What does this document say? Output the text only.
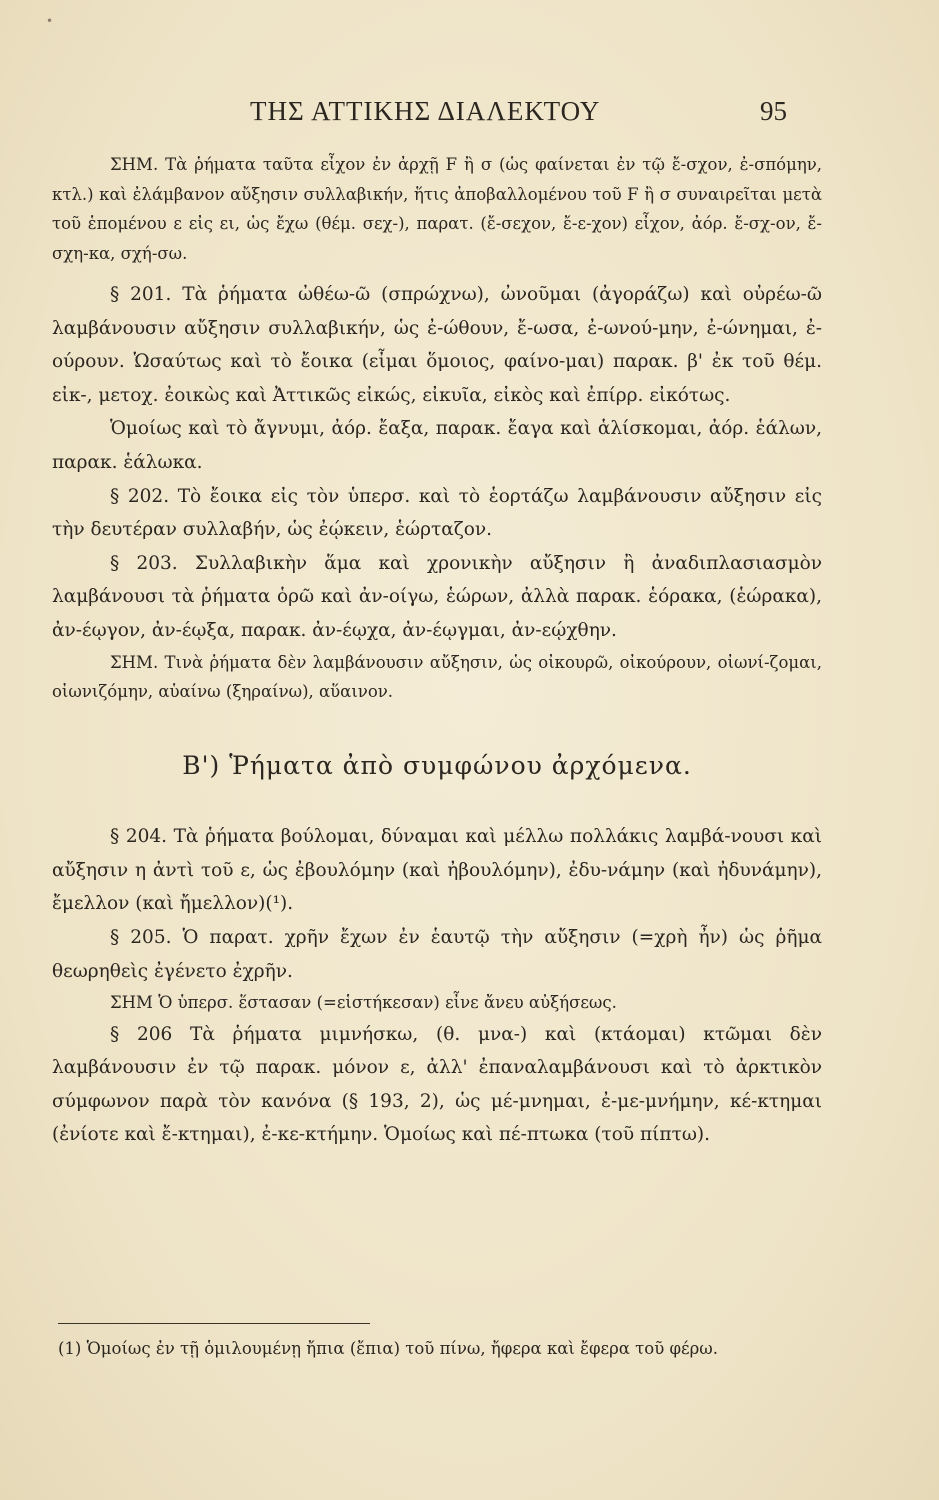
•
ΤΗΣ ΑΤΤΙΚΗΣ ΔΙΑΛΕΚΤΟΥ	95

ΣΗΜ. Τὰ ῥήματα ταῦτα εἶχον ἐν ἀρχῇ F ἢ σ (ὡς φαίνεται ἐν τῷ ἔ-σχον, ἐ-σπόμην, κτλ.) καὶ ἐλάμβανον αὔξησιν συλλαβικήν, ἥτις ἀποβαλλομένου τοῦ F ἢ σ συναιρεῖται μετὰ τοῦ ἑπομένου ε εἰς ει, ὡς ἔχω (θέμ. σεχ-), παρατ. (ἔ-σεχον, ἔ-ε-χον) εἶχον, ἀόρ. ἔ-σχ-ον, ἔ-σχη-κα, σχή-σω.

§ 201. Τὰ ῥήματα ὠθέω-ῶ (σπρώχνω), ὠνοῦμαι (ἀγοράζω) καὶ οὐρέω-ῶ λαμβάνουσιν αὔξησιν συλλαβικήν, ὡς ἐ-ώθουν, ἔ-ωσα, ἐ-ωνού-μην, ἐ-ώνημαι, ἐ-ούρουν. Ὡσαύτως καὶ τὸ ἔοικα (εἶμαι ὅμοιος, φαίνο-μαι) παρακ. β' ἐκ τοῦ θέμ. εἰκ-, μετοχ. ἐοικὼς καὶ Ἀττικῶς εἰκώς, εἰκυῖα, εἰκὸς καὶ ἐπίρρ. εἰκότως.

Ὁμοίως καὶ τὸ ἄγνυμι, ἀόρ. ἔαξα, παρακ. ἔαγα καὶ ἁλίσκομαι, ἀόρ. ἑάλων, παρακ. ἑάλωκα.

§ 202. Τὸ ἔοικα εἰς τὸν ὑπερσ. καὶ τὸ ἑορτάζω λαμβάνουσιν αὔξησιν εἰς τὴν δευτέραν συλλαβήν, ὡς ἐῴκειν, ἑώρταζον.

§ 203. Συλλαβικὴν ἅμα καὶ χρονικὴν αὔξησιν ἢ ἀναδιπλασιασμὸν λαμβάνουσι τὰ ῥήματα ὁρῶ καὶ ἀν-οίγω, ἑώρων, ἀλλὰ παρακ. ἑόρακα, (ἑώρακα), ἀν-έῳγον, ἀν-έῳξα, παρακ. ἀν-έῳχα, ἀν-έῳγμαι, ἀν-εῴχθην.

ΣΗΜ. Τινὰ ῥήματα δὲν λαμβάνουσιν αὔξησιν, ὡς οἰκουρῶ, οἰκούρουν, οἰωνί-ζομαι, οἰωνιζόμην, αὑαίνω (ξηραίνω), αὕαινον.

Β') Ῥήματα ἀπὸ συμφώνου ἀρχόμενα.

§ 204. Τὰ ῥήματα βούλομαι, δύναμαι καὶ μέλλω πολλάκις λαμβά-νουσι καὶ αὔξησιν η ἀντὶ τοῦ ε, ὡς ἐβουλόμην (καὶ ἠβουλόμην), ἐδυ-νάμην (καὶ ἠδυνάμην), ἔμελλον (καὶ ἤμελλον)(¹).

§ 205. Ὁ παρατ. χρῆν ἔχων ἐν ἑαυτῷ τὴν αὔξησιν (=χρὴ ἦν) ὡς ῥῆμα θεωρηθεὶς ἐγένετο ἐχρῆν.

ΣΗΜ Ὁ ὑπερσ. ἕστασαν (=εἱστήκεσαν) εἶνε ἄνευ αὐξήσεως.

§ 206 Τὰ ῥήματα μιμνήσκω, (θ. μνα-) καὶ (κτάομαι) κτῶμαι δὲν λαμβάνουσιν ἐν τῷ παρακ. μόνον ε, ἀλλ' ἐπαναλαμβάνουσι καὶ τὸ ἀρκτικὸν σύμφωνον παρὰ τὸν κανόνα (§ 193, 2), ὡς μέ-μνημαι, ἐ-με-μνήμην, κέ-κτημαι (ἐνίοτε καὶ ἔ-κτημαι), ἐ-κε-κτήμην. Ὁμοίως καὶ πέ-πτωκα (τοῦ πίπτω).

(1) Ὁμοίως ἐν τῇ ὁμιλουμένῃ ἤπια (ἔπια) τοῦ πίνω, ἤφερα καὶ ἔφερα τοῦ φέρω.
